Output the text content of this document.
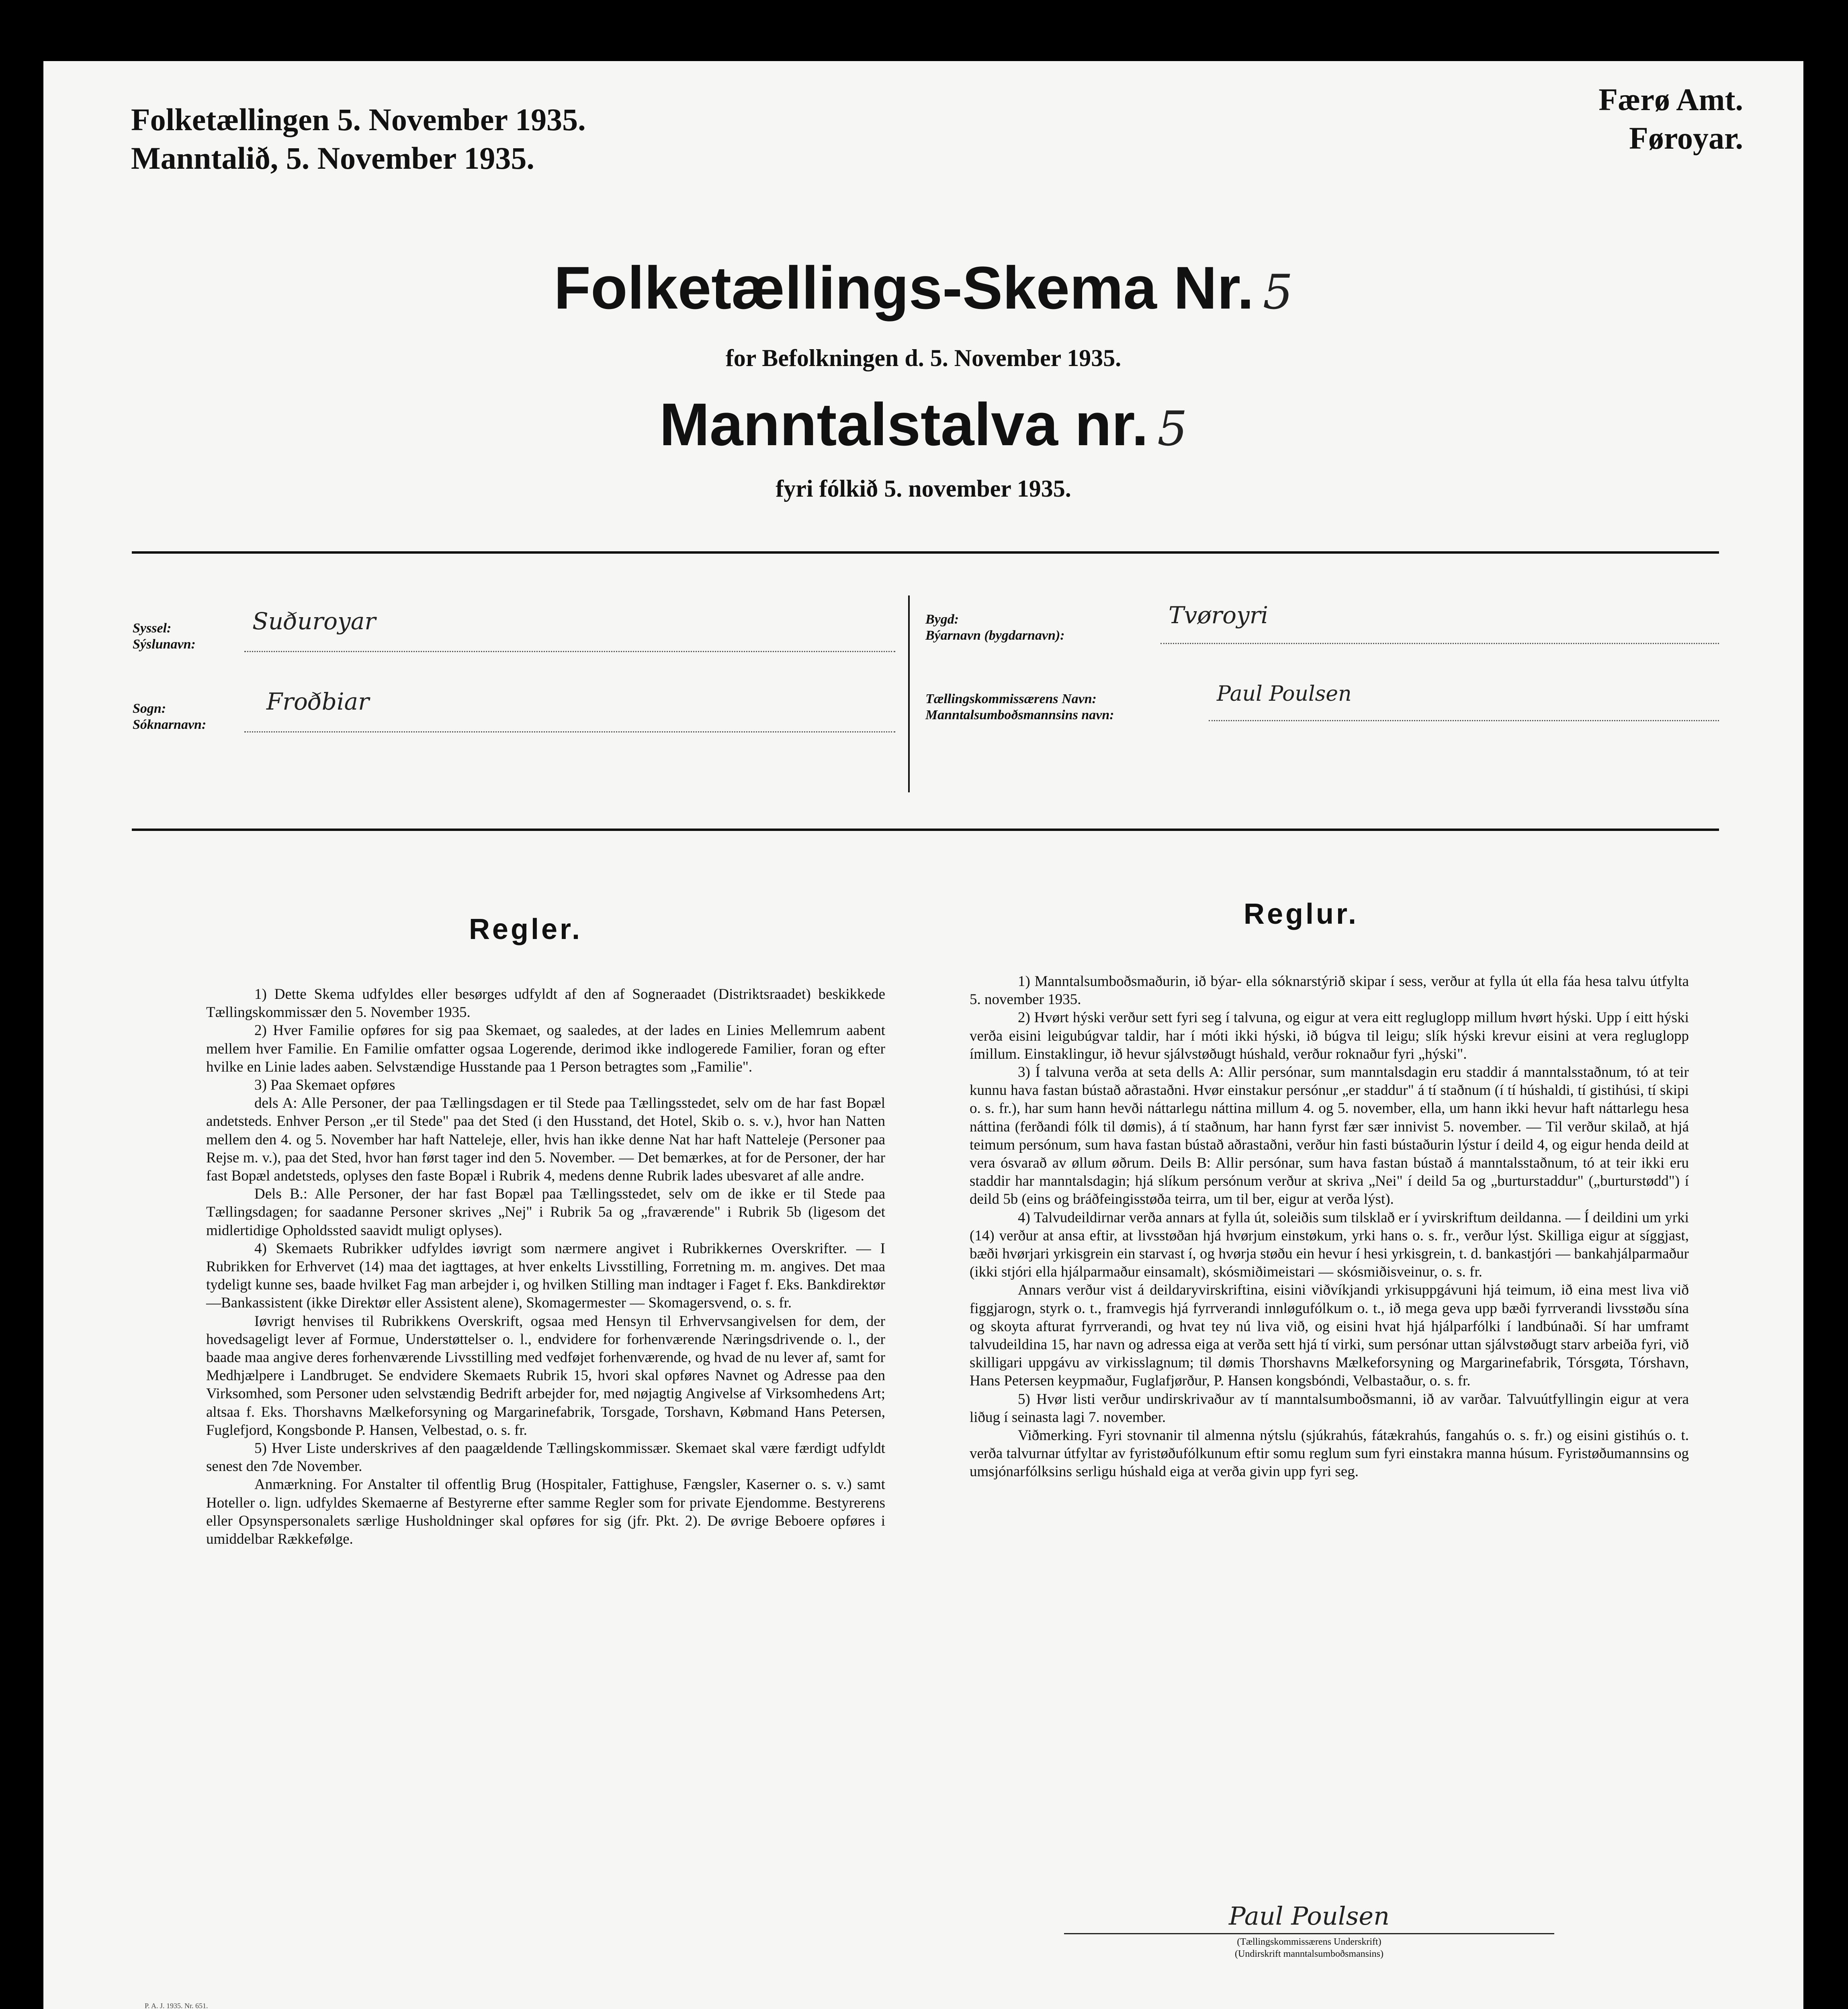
Folketællingen 5. November 1935.
Manntalið, 5. November 1935.
Færø Amt.
Føroyar.
Folketællings-Skema Nr. 5
for Befolkningen d. 5. November 1935.
Manntalstalva nr. 5
fyri fólkið 5. november 1935.
Syssel:
Sýslunavn:
Suðuroyar
Sogn:
Sóknarnavn:
Froðbiar
Bygd:
Býarnavn (bygdarnavn):
Tvøroyri
Tællingskommissærens Navn:
Manntalsumboðsmannsins navn:
Paul Poulsen
Regler.

1) Dette Skema udfyldes eller besørges udfyldt af den af Sogneraadet (Distriktsraadet) beskikkede Tællingskommissær den 5. November 1935.

2) Hver Familie opføres for sig paa Skemaet, og saaledes, at der lades en Linies Mellemrum aabent mellem hver Familie. En Familie omfatter ogsaa Logerende, derimod ikke indlogerede Familier, foran og efter hvilke en Linie lades aaben. Selvstændige Husstande paa 1 Person betragtes som „Familie".

3) Paa Skemaet opføres

dels A: Alle Personer, der paa Tællingsdagen er til Stede paa Tællingsstedet, selv om de har fast Bopæl andetsteds. Enhver Person „er til Stede" paa det Sted (i den Husstand, det Hotel, Skib o. s. v.), hvor han Natten mellem den 4. og 5. November har haft Natteleje, eller, hvis han ikke denne Nat har haft Natteleje (Personer paa Rejse m. v.), paa det Sted, hvor han først tager ind den 5. November. — Det bemærkes, at for de Personer, der har fast Bopæl andetsteds, oplyses den faste Bopæl i Rubrik 4, medens denne Rubrik lades ubesvaret af alle andre.

Dels B.: Alle Personer, der har fast Bopæl paa Tællingsstedet, selv om de ikke er til Stede paa Tællingsdagen; for saadanne Personer skrives „Nej" i Rubrik 5a og „fraværende" i Rubrik 5b (ligesom det midlertidige Opholdssted saavidt muligt oplyses).

4) Skemaets Rubrikker udfyldes iøvrigt som nærmere angivet i Rubrikkernes Overskrifter. — I Rubrikken for Erhvervet (14) maa det iagttages, at hver enkelts Livsstilling, Forretning m. m. angives. Det maa tydeligt kunne ses, baade hvilket Fag man arbejder i, og hvilken Stilling man indtager i Faget f. Eks. Bankdirektør—Bankassistent (ikke Direktør eller Assistent alene), Skomagermester — Skomagersvend, o. s. fr.

Iøvrigt henvises til Rubrikkens Overskrift, ogsaa med Hensyn til Erhvervsangivelsen for dem, der hovedsageligt lever af Formue, Understøttelser o. l., endvidere for forhenværende Næringsdrivende o. l., der baade maa angive deres forhenværende Livsstilling med vedføjet forhenværende, og hvad de nu lever af, samt for Medhjælpere i Landbruget. Se endvidere Skemaets Rubrik 15, hvori skal opføres Navnet og Adresse paa den Virksomhed, som Personer uden selvstændig Bedrift arbejder for, med nøjagtig Angivelse af Virksomhedens Art; altsaa f. Eks. Thorshavns Mælkeforsyning og Margarinefabrik, Torsgade, Torshavn, Købmand Hans Petersen, Fuglefjord, Kongsbonde P. Hansen, Velbestad, o. s. fr.

5) Hver Liste underskrives af den paagældende Tællingskommissær. Skemaet skal være færdigt udfyldt senest den 7de November.

Anmærkning. For Anstalter til offentlig Brug (Hospitaler, Fattighuse, Fængsler, Kaserner o. s. v.) samt Hoteller o. lign. udfyldes Skemaerne af Bestyrerne efter samme Regler som for private Ejendomme. Bestyrerens eller Opsynspersonalets særlige Husholdninger skal opføres for sig (jfr. Pkt. 2). De øvrige Beboere opføres i umiddelbar Rækkefølge.

Reglur.

1) Manntalsumboðsmaðurin, ið býar- ella sóknarstýrið skipar í sess, verður at fylla út ella fáa hesa talvu útfylta 5. november 1935.

2) Hvørt hýski verður sett fyri seg í talvuna, og eigur at vera eitt regluglopp millum hvørt hýski. Upp í eitt hýski verða eisini leigubúgvar taldir, har í móti ikki hýski, ið búgva til leigu; slík hýski krevur eisini at vera regluglopp ímillum. Einstaklingur, ið hevur sjálvstøðugt húshald, verður roknaður fyri „hýski".

3) Í talvuna verða at seta dells A: Allir persónar, sum manntalsdagin eru staddir á manntalsstaðnum, tó at teir kunnu hava fastan bústað aðrastaðni. Hvør einstakur persónur „er staddur" á tí staðnum (í tí húshaldi, tí gistihúsi, tí skipi o. s. fr.), har sum hann hevði náttarlegu náttina millum 4. og 5. november, ella, um hann ikki hevur haft náttarlegu hesa náttina (ferðandi fólk til dømis), á tí staðnum, har hann fyrst fær sær innivist 5. november. — Til verður skilað, at hjá teimum persónum, sum hava fastan bústað aðrastaðni, verður hin fasti bústaðurin lýstur í deild 4, og eigur henda deild at vera ósvarað av øllum øðrum. Deils B: Allir persónar, sum hava fastan bústað á manntalsstaðnum, tó at teir ikki eru staddir har manntalsdagin; hjá slíkum persónum verður at skriva „Nei" í deild 5a og „burturstaddur" („burturstødd") í deild 5b (eins og bráðfeingisstøða teirra, um til ber, eigur at verða lýst).

4) Talvudeildirnar verða annars at fylla út, soleiðis sum tilsklað er í yvirskriftum deildanna. — Í deildini um yrki (14) verður at ansa eftir, at livsstøðan hjá hvørjum einstøkum, yrki hans o. s. fr., verður lýst. Skilliga eigur at síggjast, bæði hvørjari yrkisgrein ein starvast í, og hvørja støðu ein hevur í hesi yrkisgrein, t. d. bankastjóri — bankahjálparmaður (ikki stjóri ella hjálparmaður einsamalt), skósmiðimeistari — skósmiðisveinur, o. s. fr.

Annars verður vist á deildaryvirskriftina, eisini viðvíkjandi yrkisuppgávuni hjá teimum, ið eina mest liva við figgjarogn, styrk o. t., framvegis hjá fyrrverandi innløgufólkum o. t., ið mega geva upp bæði fyrrverandi livsstøðu sína og skoyta afturat fyrrverandi, og hvat tey nú liva við, og eisini hvat hjá hjálparfólki í landbúnaði. Sí har umframt talvudeildina 15, har navn og adressa eiga at verða sett hjá tí virki, sum persónar uttan sjálvstøðugt starv arbeiða fyri, við skilligari uppgávu av virkisslagnum; til dømis Thorshavns Mælkeforsyning og Margarinefabrik, Tórsgøta, Tórshavn, Hans Petersen keypmaður, Fuglafjørður, P. Hansen kongsbóndi, Velbastaður, o. s. fr.

5) Hvør listi verður undirskrivaður av tí manntalsumboðsmanni, ið av varðar. Talvuútfyllingin eigur at vera liðug í seinasta lagi 7. november.

Viðmerking. Fyri stovnanir til almenna nýtslu (sjúkrahús, fátækrahús, fangahús o. s. fr.) og eisini gistihús o. t. verða talvurnar útfyltar av fyristøðufólkunum eftir somu reglum sum fyri einstakra manna húsum. Fyristøðumannsins og umsjónarfólksins serligu húshald eiga at verða givin upp fyri seg.

Paul Poulsen
(Tællingskommissærens Underskrift)
(Undirskrift manntalsumboðsmansins)
P. A. J. 1935. Nr. 651.
